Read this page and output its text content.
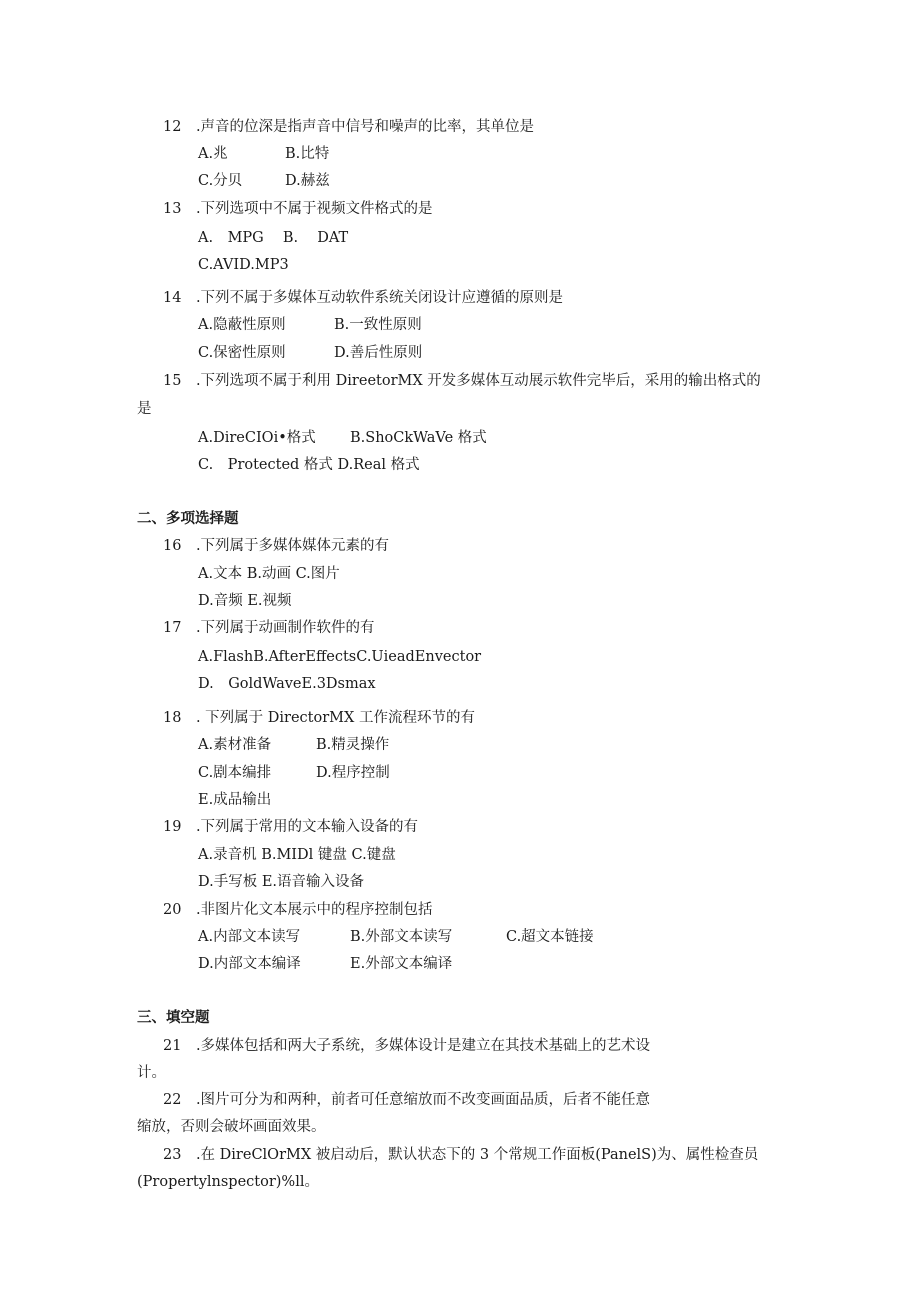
12　.声音的位深是指声音中信号和噪声的比率，其单位是
A.兆	B.比特
C.分贝	D.赫兹
13　.下列选项中不属于视频文件格式的是
A.　MPG　 B.　 DAT
C.AVID.MP3
14　.下列不属于多媒体互动软件系统关闭设计应遵循的原则是
A.隐蔽性原则	B.一致性原则
C.保密性原则	D.善后性原则
15　.下列选项不属于利用 DireetorMX 开发多媒体互动展示软件完毕后，采用的输出格式的
是
A.DireCIOi•格式 B.ShoCkWaVe 格式
C.　Protected 格式 D.Real 格式
二、多项选择题
16　.下列属于多媒体媒体元素的有
A.文本 B.动画 C.图片
D.音频 E.视频
17　.下列属于动画制作软件的有
A.FlashB.AfterEffectsC.UieadEnvector
D.　GoldWaveE.3Dsmax
18　. 下列属于 DirectorMX 工作流程环节的有
A.素材准备	B.精灵操作
C.剧本编排	D.程序控制
E.成品输出
19　.下列属于常用的文本输入设备的有
A.录音机 B.MIDl 键盘 C.键盘
D.手写板 E.语音输入设备
20　.非图片化文本展示中的程序控制包括
A.内部文本读写	B.外部文本读写	C.超文本链接
D.内部文本编译	E.外部文本编译
三、填空题
21　.多媒体包括和两大子系统，多媒体设计是建立在其技术基础上的艺术设
计。
22　.图片可分为和两种，前者可任意缩放而不改变画面品质，后者不能任意
缩放，否则会破坏画面效果。
23　.在 DireClOrMX 被启动后，默认状态下的 3 个常规工作面板(PanelS)为、属性检查员
(Propertylnspector)%ll。
